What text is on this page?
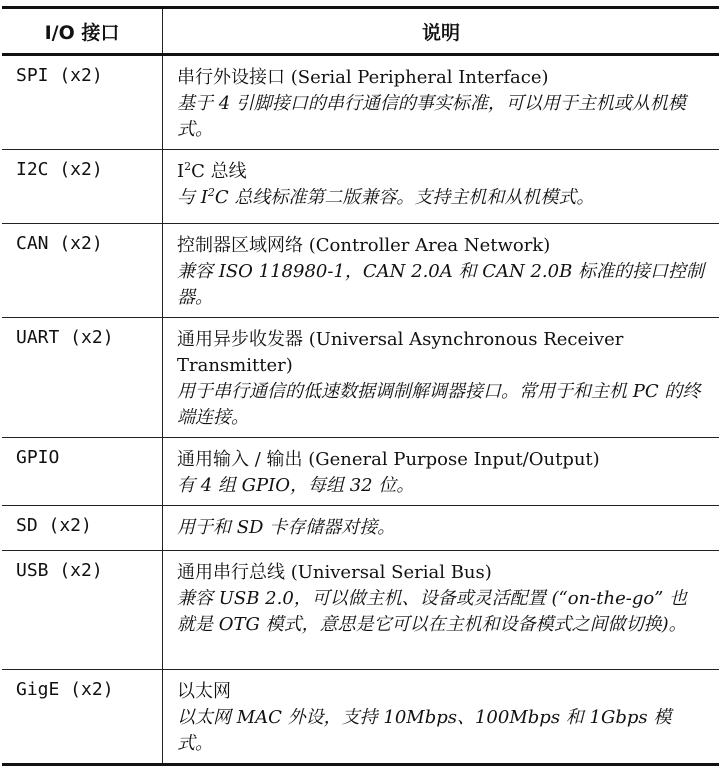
I/O 接口	说明
SPI (x2)	串行外设接口 (Serial Peripheral Interface)
基于 4 引脚接口的串行通信的事实标准，可以用于主机或从机模式。

I2C (x2)	$I^2C$ 总线
与 $I^2C$ 总线标准第二版兼容。支持主机和从机模式。

CAN (x2)	控制器区域网络 (Controller Area Network)
兼容 ISO 118980-1，CAN 2.0A 和 CAN 2.0B 标准的接口控制器。

UART (x2)	通用异步收发器 (Universal Asynchronous Receiver Transmitter)
用于串行通信的低速数据调制解调器接口。常用于和主机 PC 的终端连接。

GPIO	通用输入 / 输出 (General Purpose Input/Output)
有 4 组 GPIO，每组 32 位。

SD (x2)	用于和 SD 卡存储器对接。

USB (x2)	通用串行总线 (Universal Serial Bus)
兼容 USB 2.0，可以做主机、设备或灵活配置 (“on-the-go” 也就是 OTG 模式，意思是它可以在主机和设备模式之间做切换)。

GigE (x2)	以太网
以太网 MAC 外设，支持 10Mbps、100Mbps 和 1Gbps 模式。
